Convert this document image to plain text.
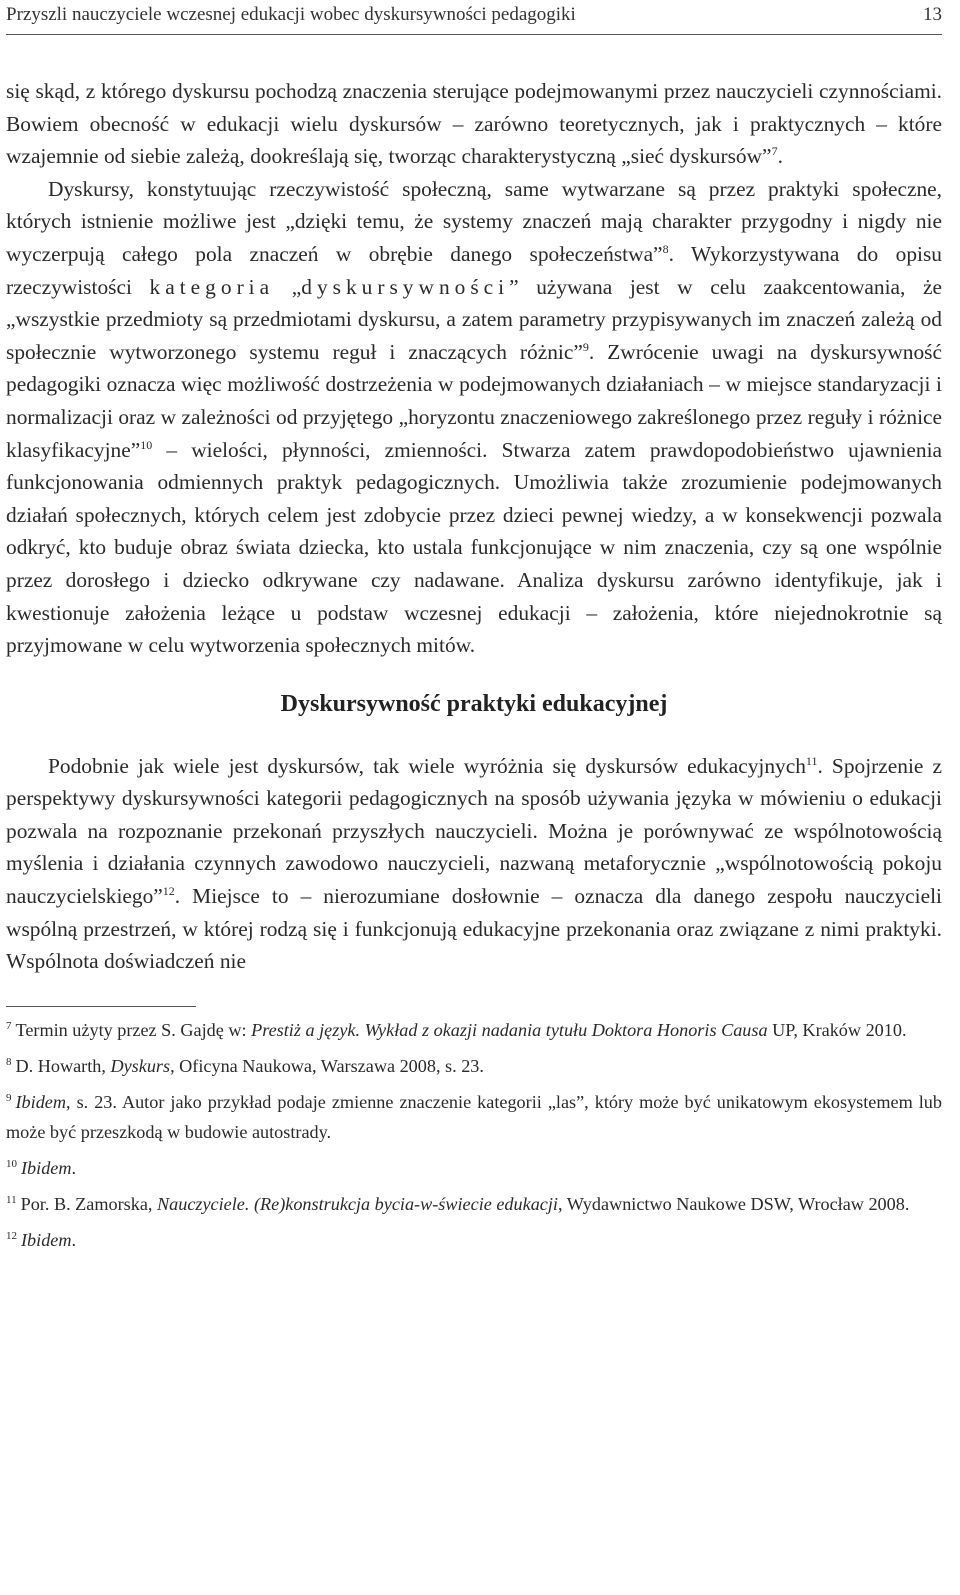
Przyszli nauczyciele wczesnej edukacji wobec dyskursywności pedagogiki	13

się skąd, z którego dyskursu pochodzą znaczenia sterujące podejmowanymi przez nauczycieli czynnościami. Bowiem obecność w edukacji wielu dyskursów – zarówno teoretycznych, jak i praktycznych – które wzajemnie od siebie zależą, dookreślają się, tworząc charakterystyczną „sieć dyskursów”$^7$.

Dyskursy, konstytuując rzeczywistość społeczną, same wytwarzane są przez praktyki społeczne, których istnienie możliwe jest „dzięki temu, że systemy znaczeń mają charakter przygodny i nigdy nie wyczerpują całego pola znaczeń w obrębie danego społeczeństwa”$^8$. Wykorzystywana do opisu rzeczywistości kategoria „dyskursywności” używana jest w celu zaakcentowania, że „wszystkie przedmioty są przedmiotami dyskursu, a zatem parametry przypisywanych im znaczeń zależą od społecznie wytworzonego systemu reguł i znaczących różnic”$^9$. Zwrócenie uwagi na dyskursywność pedagogiki oznacza więc możliwość dostrzeżenia w podejmowanych działaniach – w miejsce standaryzacji i normalizacji oraz w zależności od przyjętego „horyzontu znaczeniowego zakreślonego przez reguły i różnice klasyfikacyjne”$^{10}$ – wielości, płynności, zmienności. Stwarza zatem prawdopodobieństwo ujawnienia funkcjonowania odmiennych praktyk pedagogicznych. Umożliwia także zrozumienie podejmowanych działań społecznych, których celem jest zdobycie przez dzieci pewnej wiedzy, a w konsekwencji pozwala odkryć, kto buduje obraz świata dziecka, kto ustala funkcjonujące w nim znaczenia, czy są one wspólnie przez dorosłego i dziecko odkrywane czy nadawane. Analiza dyskursu zarówno identyfikuje, jak i kwestionuje założenia leżące u podstaw wczesnej edukacji – założenia, które niejednokrotnie są przyjmowane w celu wytworzenia społecznych mitów.

Dyskursywność praktyki edukacyjnej

Podobnie jak wiele jest dyskursów, tak wiele wyróżnia się dyskursów edukacyjnych$^{11}$. Spojrzenie z perspektywy dyskursywności kategorii pedagogicznych na sposób używania języka w mówieniu o edukacji pozwala na rozpoznanie przekonań przyszłych nauczycieli. Można je porównywać ze wspólnotowością myślenia i działania czynnych zawodowo nauczycieli, nazwaną metaforycznie „wspólnotowością pokoju nauczycielskiego”$^{12}$. Miejsce to – nierozumiane dosłownie – oznacza dla danego zespołu nauczycieli wspólną przestrzeń, w której rodzą się i funkcjonują edukacyjne przekonania oraz związane z nimi praktyki. Wspólnota doświadczeń nie

$^7$ Termin użyty przez S. Gajdę w: Prestiż a język. Wykład z okazji nadania tytułu Doktora Honoris Causa UP, Kraków 2010.

$^8$ D. Howarth, Dyskurs, Oficyna Naukowa, Warszawa 2008, s. 23.

$^9$ Ibidem, s. 23. Autor jako przykład podaje zmienne znaczenie kategorii „las”, który może być unikatowym ekosystemem lub może być przeszkodą w budowie autostrady.

$^{10}$ Ibidem.

$^{11}$ Por. B. Zamorska, Nauczyciele. (Re)konstrukcja bycia-w-świecie edukacji, Wydawnictwo Naukowe DSW, Wrocław 2008.

$^{12}$ Ibidem.
